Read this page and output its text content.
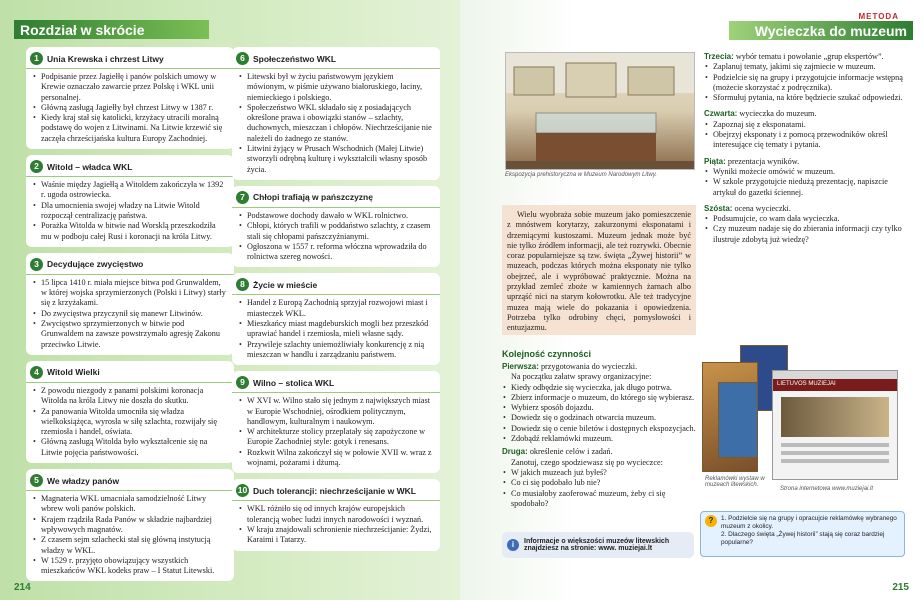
Rozdział w skrócie
1 Unia Krewska i chrzest Litwy
• Podpisanie przez Jagiełłę i panów polskich umowy w Krewie oznaczało zawarcie przez Polskę i WKL unii personalnej.
• Główną zasługą Jagiełły był chrzest Litwy w 1387 r.
• Kiedy kraj stał się katolicki, krzyżacy utracili moralną podstawę do wojen z Litwinami. Na Litwie krzewić się zaczęła chrześcijańska kultura Europy Zachodniej.
2 Witold – władca WKL
• Waśnie między Jagiełłą a Witoldem zakończyła w 1392 r. ugoda ostrowiecka.
• Dla umocnienia swojej władzy na Litwie Witold rozpoczął centralizację państwa.
• Porażka Witolda w bitwie nad Worsklą przeszkodziła mu w podboju całej Rusi i koronacji na króla Litwy.
3 Decydujące zwycięstwo
• 15 lipca 1410 r. miała miejsce bitwa pod Grunwaldem, w której wojska sprzymierzonych (Polski i Litwy) starły się z krzyżakami.
• Do zwycięstwa przyczynił się manewr Litwinów.
• Zwycięstwo sprzymierzonych w bitwie pod Grunwaldem na zawsze powstrzymało agresję Zakonu przeciwko Litwie.
4 Witold Wielki
• Z powodu niezgody z panami polskimi koronacja Witolda na króla Litwy nie doszła do skutku.
• Za panowania Witolda umocniła się władza wielkoksiążęca, wyrosła w siłę szlachta, rozwijały się rzemiosła i handel, oświata.
• Główną zasługą Witolda było wykształcenie się na Litwie pojęcia państwowości.
5 We władzy panów
• Magnateria WKL umacniała samodzielność Litwy wbrew woli panów polskich.
• Krajem rządziła Rada Panów w składzie najbardziej wpływowych magnatów.
• Z czasem sejm szlachecki stał się główną instytucją władzy w WKL.
• W 1529 r. przyjęto obowiązujący wszystkich mieszkańców WKL kodeks praw – I Statut Litewski.
6 Społeczeństwo WKL
• Litewski był w życiu państwowym językiem mówionym, w piśmie używano białoruskiego, łaciny, niemieckiego i polskiego.
• Społeczeństwo WKL składało się z posiadających określone prawa i obowiązki stanów – szlachty, duchownych, mieszczan i chłopów. Niechrześcijanie nie należeli do żadnego ze stanów.
• Litwini żyjący w Prusach Wschodnich (Małej Litwie) stworzyli odrębną kulturę i wykształcili własny sposób życia.
7 Chłopi trafiają w pańszczyznę
• Podstawowe dochody dawało w WKL rolnictwo.
• Chłopi, których trafili w poddaństwo szlachty, z czasem stali się chłopami pańszczyźnianymi.
• Ogłoszona w 1557 r. reforma włóczna wprowadziła do rolnictwa szereg nowości.
8 Życie w mieście
• Handel z Europą Zachodnią sprzyjał rozwojowi miast i miasteczek WKL.
• Mieszkańcy miast magdeburskich mogli bez przeszkód uprawiać handel i rzemiosła, mieli własne sądy.
• Przywileje szlachty uniemożliwiały konkurencję z nią mieszczan w handlu i zarządzaniu państwem.
9 Wilno – stolica WKL
• W XVI w. Wilno stało się jednym z największych miast w Europie Wschodniej, ośrodkiem politycznym, handlowym, kulturalnym i naukowym.
• W architekturze stolicy przeplatały się zapożyczone w Europie Zachodniej style: gotyk i renesans.
• Rozkwit Wilna zakończył się w połowie XVII w. wraz z wojnami, pożarami i dżumą.
10 Duch tolerancji: niechrześcijanie w WKL
• WKL różniło się od innych krajów europejskich tolerancją wobec ludzi innych narodowości i wyznań.
• W kraju znajdowali schronienie niechrześcijanie: Żydzi, Karaimi i Tatarzy.
214
METODA
Wycieczka do muzeum
Ekspozycja prehistoryczna w Muzeum Narodowym Litwy.
Wielu wyobraża sobie muzeum jako pomieszczenie z mnóstwem korytarzy, zakurzonymi eksponatami i drzemiącymi kustoszami. Muzeum jednak może być nie tylko źródłem informacji, ale też rozrywki. Obecnie coraz popularniejsze są tzw. święta „Żywej historii” w muzeach, podczas których można eksponaty nie tylko obejrzeć, ale i wypróbować praktycznie. Można na przykład zemleć zboże w kamiennych żarnach albo uprząść nici na starym kołowrotku. Ale też tradycyjne muzea mają wiele do pokazania i opowiedzenia. Potrzeba tylko odrobiny chęci, pomysłowości i entuzjazmu.
Kolejność czynności
Pierwsza: przygotowania do wycieczki.
Na początku załatw sprawy organizacyjne:
• Kiedy odbędzie się wycieczka, jak długo potrwa.
• Zbierz informacje o muzeum, do którego się wybierasz.
• Wybierz sposób dojazdu.
• Dowiedz się o godzinach otwarcia muzeum.
• Dowiedz się o cenie biletów i dostępnych ekspozycjach.
• Zdobądź reklamówki muzeum.
Druga: określenie celów i zadań.
Zanotuj, czego spodziewasz się po wycieczce:
• W jakich muzeach już byłeś?
• Co ci się podobało lub nie?
• Co musiałoby zaoferować muzeum, żeby ci się spodobało?
i	Informacje o większości muzeów litewskich znajdziesz na stronie: www. muziejai.lt
Trzecia: wybór tematu i powołanie „grup ekspertów”.
• Zaplanuj tematy, jakimi się zajmiecie w muzeum.
• Podzielcie się na grupy i przygotujcie informacje wstępną (możecie skorzystać z podręcznika).
• Sformułuj pytania, na które będziecie szukać odpowiedzi.
Czwarta: wycieczka do muzeum.
• Zapoznaj się z eksponatami.
• Obejrzyj eksponaty i z pomocą przewodników określ interesujące cię tematy i pytania.
Piąta: prezentacja wyników.
• Wyniki możecie omówić w muzeum.
• W szkole przygotujcie niedużą prezentację, napiszcie artykuł do gazetki ściennej.
Szósta: ocena wycieczki.
• Podsumujcie, co wam dała wycieczka.
• Czy muzeum nadaje się do zbierania informacji czy tylko ilustruje zdobytą już wiedzę?
LIETUVOS MUZIEJAI
Reklamówki wystaw w muzeach litewskich.
Strona internetowa www.muziejai.lt
?	1. Podzielcie się na grupy i opracujcie reklamówkę wybranego muzeum z okolicy.
2. Dlaczego święta „Żywej historii” stają się coraz bardziej popularne?
215
